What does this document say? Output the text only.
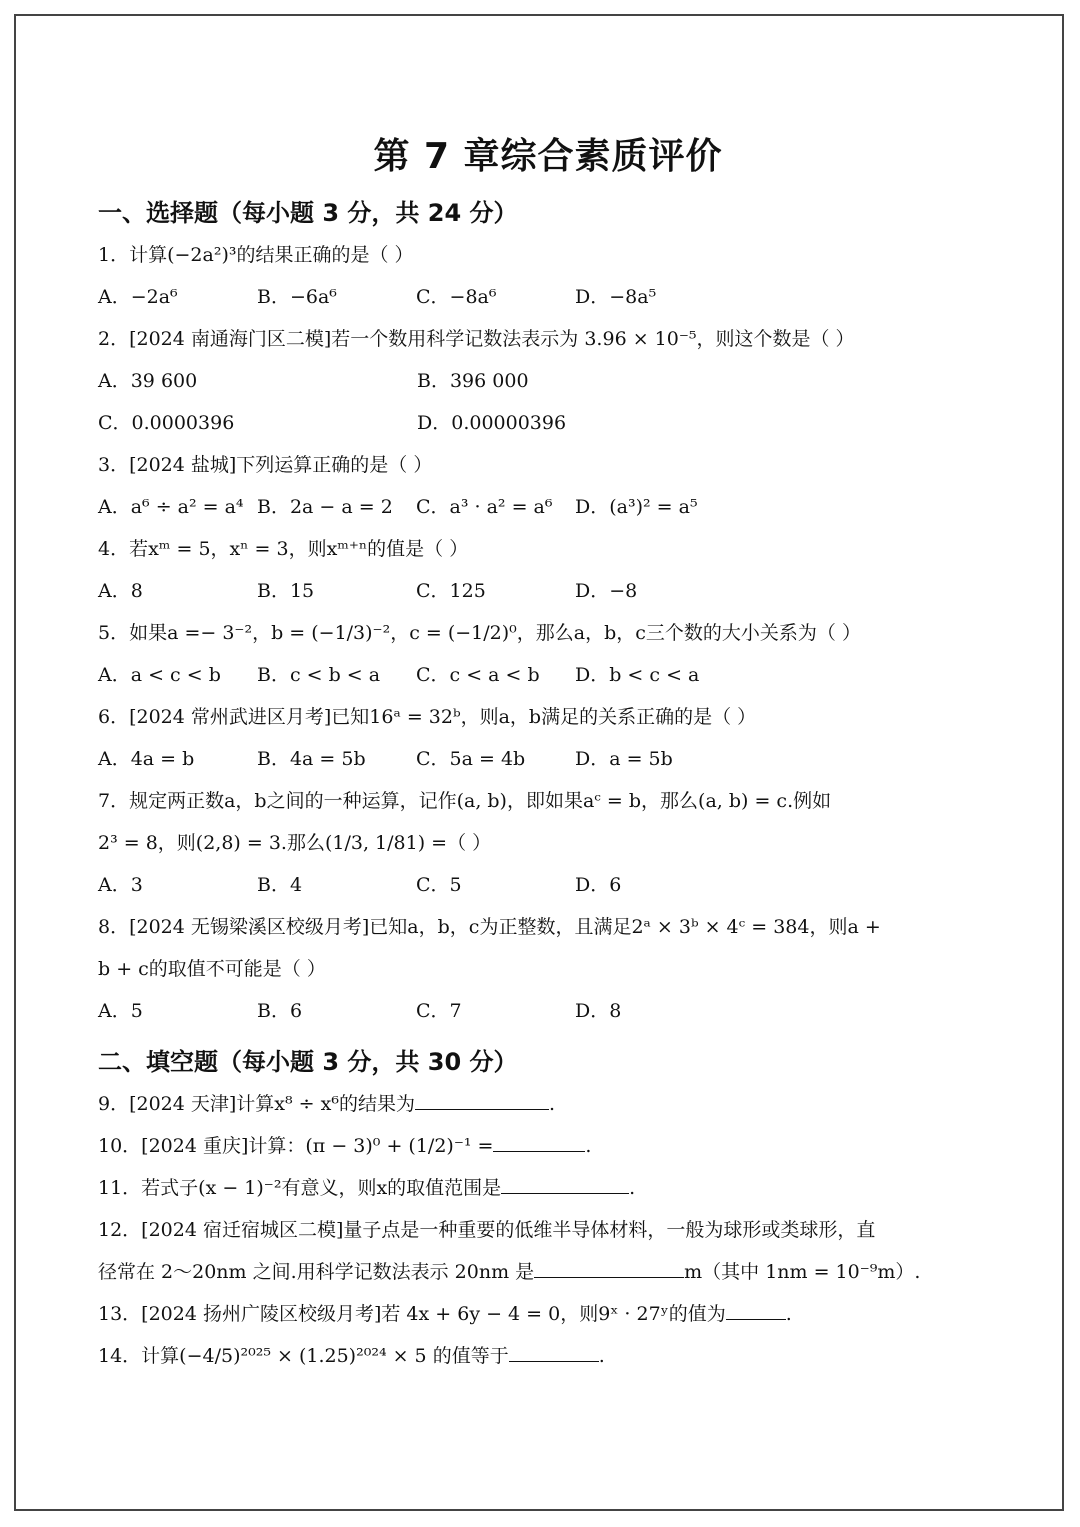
第 7 章综合素质评价
一、选择题（每小题 3 分，共 24 分）
1．计算(−2a²)³的结果正确的是（ ）
A．−2a⁶	B．−6a⁶	C．−8a⁶	D．−8a⁵
2．[2024 南通海门区二模]若一个数用科学记数法表示为 3.96 × 10⁻⁵，则这个数是（ ）
A．39 600	B．396 000
C．0.0000396	D．0.00000396
3．[2024 盐城]下列运算正确的是（ ）
A．a⁶ ÷ a² = a⁴ B．2a − a = 2	C．a³ · a² = a⁶	D．(a³)² = a⁵
4．若xᵐ = 5，xⁿ = 3，则xᵐ⁺ⁿ的值是（ ）
A．8	B．15	C．125	D．−8
5．如果a =− 3⁻²，b = (−1/3)⁻²，c = (−1/2)⁰，那么a，b，c三个数的大小关系为（ ）
A．a < c < b	B．c < b < a	C．c < a < b	D．b < c < a
6．[2024 常州武进区月考]已知16ᵃ = 32ᵇ，则a，b满足的关系正确的是（ ）
A．4a = b	B．4a = 5b	C．5a = 4b	D．a = 5b
7．规定两正数a，b之间的一种运算，记作(a, b)，即如果aᶜ = b，那么(a, b) = c.例如
2³ = 8，则(2,8) = 3.那么(1/3, 1/81) =（ ）
A．3	B．4	C．5	D．6
8．[2024 无锡梁溪区校级月考]已知a，b，c为正整数，且满足2ᵃ × 3ᵇ × 4ᶜ = 384，则a +
b + c的取值不可能是（ ）
A．5	B．6	C．7	D．8
二、填空题（每小题 3 分，共 30 分）
9．[2024 天津]计算x⁸ ÷ x⁶的结果为	.
10．[2024 重庆]计算：(π − 3)⁰ + (1/2)⁻¹ =	.
11．若式子(x − 1)⁻²有意义，则x的取值范围是	.
12．[2024 宿迁宿城区二模]量子点是一种重要的低维半导体材料，一般为球形或类球形，直
径常在 2～20nm 之间.用科学记数法表示 20nm 是	m（其中 1nm = 10⁻⁹m）.
13．[2024 扬州广陵区校级月考]若 4x + 6y − 4 = 0，则9ˣ · 27ʸ的值为	.
14．计算(−4/5)²⁰²⁵ × (1.25)²⁰²⁴ × 5 的值等于	.
